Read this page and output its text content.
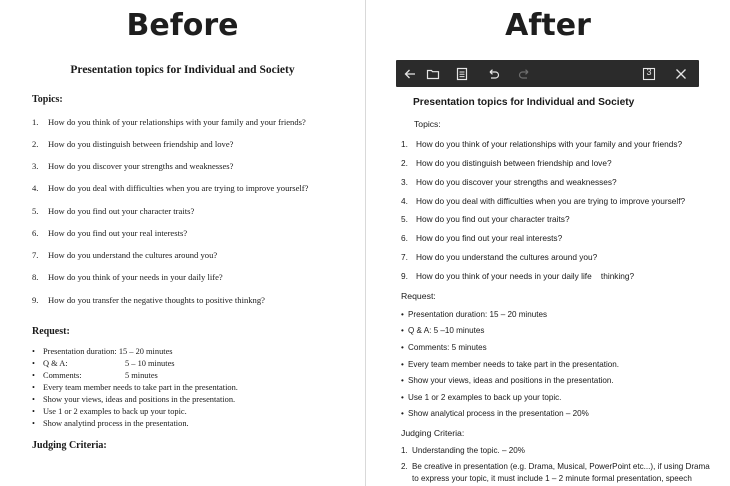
Before
Presentation topics for Individual and Society
Topics:
1. How do you think of your relationships with your family and your friends?
2. How do you distinguish between friendship and love?
3. How do you discover your strengths and weaknesses?
4. How do you deal with difficulties when you are trying to improve yourself?
5. How do you find out your character traits?
6. How do you find out your real interests?
7. How do you understand the cultures around you?
8. How do you think of your needs in your daily life?
9. How do you transfer the negative thoughts to positive thinkng?
Request:
• Presentation duration: 15 – 20 minutes
• Q & A:	5 – 10 minutes
• Comments:	5 minutes
• Every team member needs to take part in the presentation.
• Show your views, ideas and positions in the presentation.
• Use 1 or 2 examples to back up your topic.
• Show analytind process in the presentation.
Judging Criteria:
After
3
Presentation topics for Individual and Society
Topics:
1. How do you think of your relationships with your family and your friends?
2. How do you distinguish between friendship and love?
3. How do you discover your strengths and weaknesses?
4. How do you deal with difficulties when you are trying to improve yourself?
5. How do you find out your character traits?
6. How do you find out your real interests?
7. How do you understand the cultures around you?
9. How do you think of your needs in your daily life    thinking?
Request:
• Presentation duration: 15 – 20 minutes
• Q & A: 5 –10 minutes
• Comments: 5 minutes
• Every team member needs to take part in the presentation.
• Show your views, ideas and positions in the presentation.
• Use 1 or 2 examples to back up your topic.
• Show analytical process in the presentation – 20%
Judging Criteria:
1. Understanding the topic. – 20%
2. Be creative in presentation (e.g. Drama, Musical, PowerPoint etc...), if using Drama
to express your topic, it must include 1 – 2 minute formal presentation, speech
